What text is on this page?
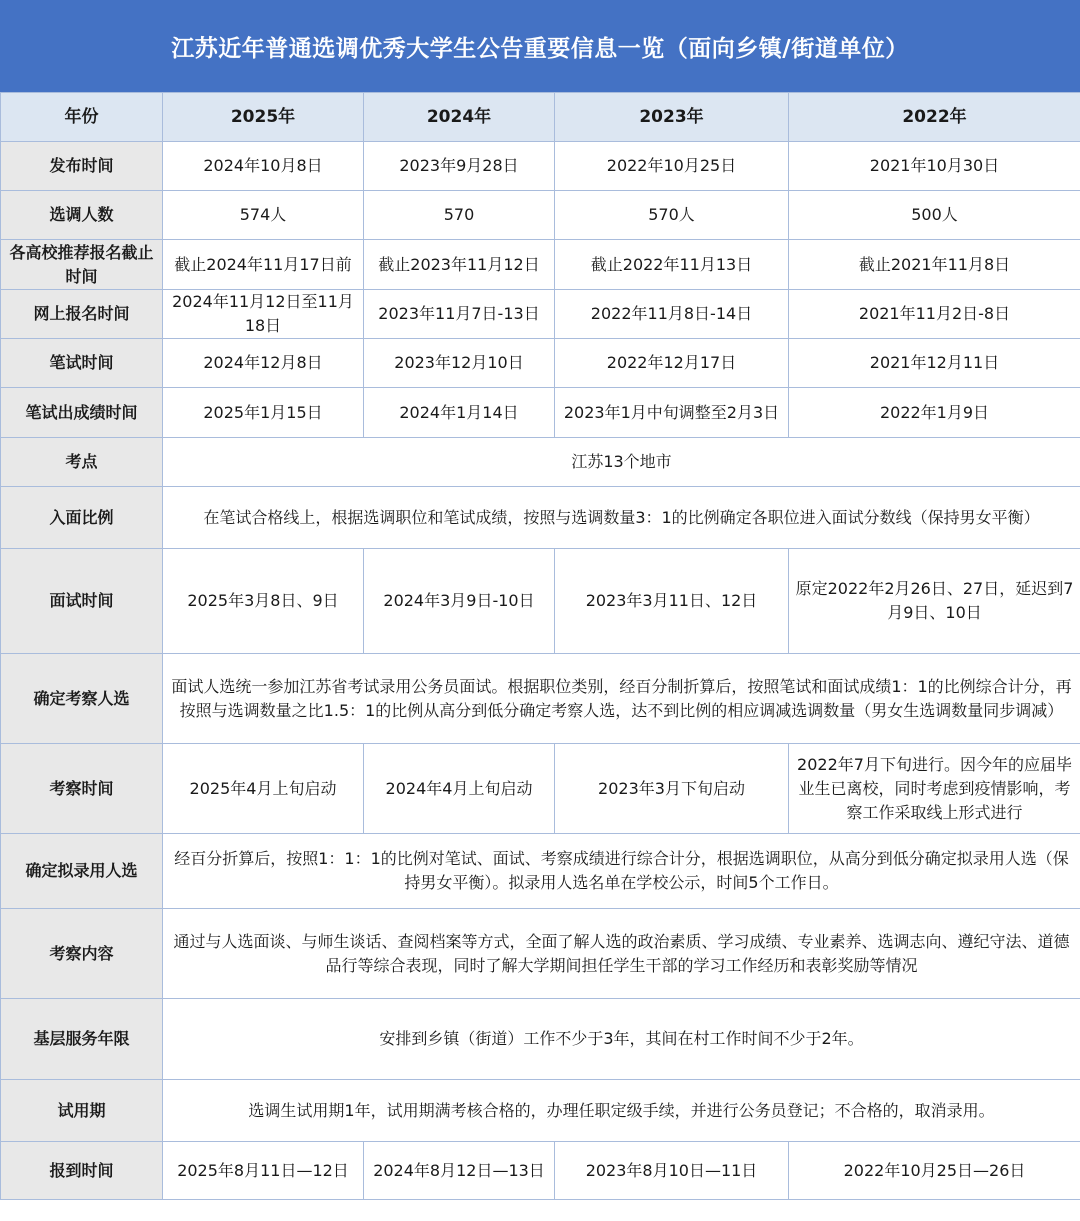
江苏近年普通选调优秀大学生公告重要信息一览（面向乡镇/街道单位）
年份	2025年	2024年	2023年	2022年
发布时间	2024年10月8日	2023年9月28日	2022年10月25日	2021年10月30日
选调人数	574人	570	570人	500人
各高校推荐报名截止时间	截止2024年11月17日前	截止2023年11月12日	截止2022年11月13日	截止2021年11月8日
网上报名时间	2024年11月12日至11月18日	2023年11月7日-13日	2022年11月8日-14日	2021年11月2日-8日
笔试时间	2024年12月8日	2023年12月10日	2022年12月17日	2021年12月11日
笔试出成绩时间	2025年1月15日	2024年1月14日	2023年1月中旬调整至2月3日	2022年1月9日
考点	江苏13个地市			
入面比例	在笔试合格线上，根据选调职位和笔试成绩，按照与选调数量3：1的比例确定各职位进入面试分数线（保持男女平衡）			
面试时间	2025年3月8日、9日	2024年3月9日-10日	2023年3月11日、12日	原定2022年2月26日、27日，延迟到7月9日、10日
确定考察人选	面试人选统一参加江苏省考试录用公务员面试。根据职位类别，经百分制折算后，按照笔试和面试成绩1：1的比例综合计分，再按照与选调数量之比1.5：1的比例从高分到低分确定考察人选，达不到比例的相应调减选调数量（男女生选调数量同步调减）			
考察时间	2025年4月上旬启动	2024年4月上旬启动	2023年3月下旬启动	2022年7月下旬进行。因今年的应届毕业生已离校，同时考虑到疫情影响，考察工作采取线上形式进行
确定拟录用人选	经百分折算后，按照1：1：1的比例对笔试、面试、考察成绩进行综合计分，根据选调职位，从高分到低分确定拟录用人选（保持男女平衡）。拟录用人选名单在学校公示，时间5个工作日。			
考察内容	通过与人选面谈、与师生谈话、查阅档案等方式，全面了解人选的政治素质、学习成绩、专业素养、选调志向、遵纪守法、道德品行等综合表现，同时了解大学期间担任学生干部的学习工作经历和表彰奖励等情况			
基层服务年限	安排到乡镇（街道）工作不少于3年，其间在村工作时间不少于2年。			
试用期	选调生试用期1年，试用期满考核合格的，办理任职定级手续，并进行公务员登记；不合格的，取消录用。			
报到时间	2025年8月11日—12日	2024年8月12日—13日	2023年8月10日—11日	2022年10月25日—26日
